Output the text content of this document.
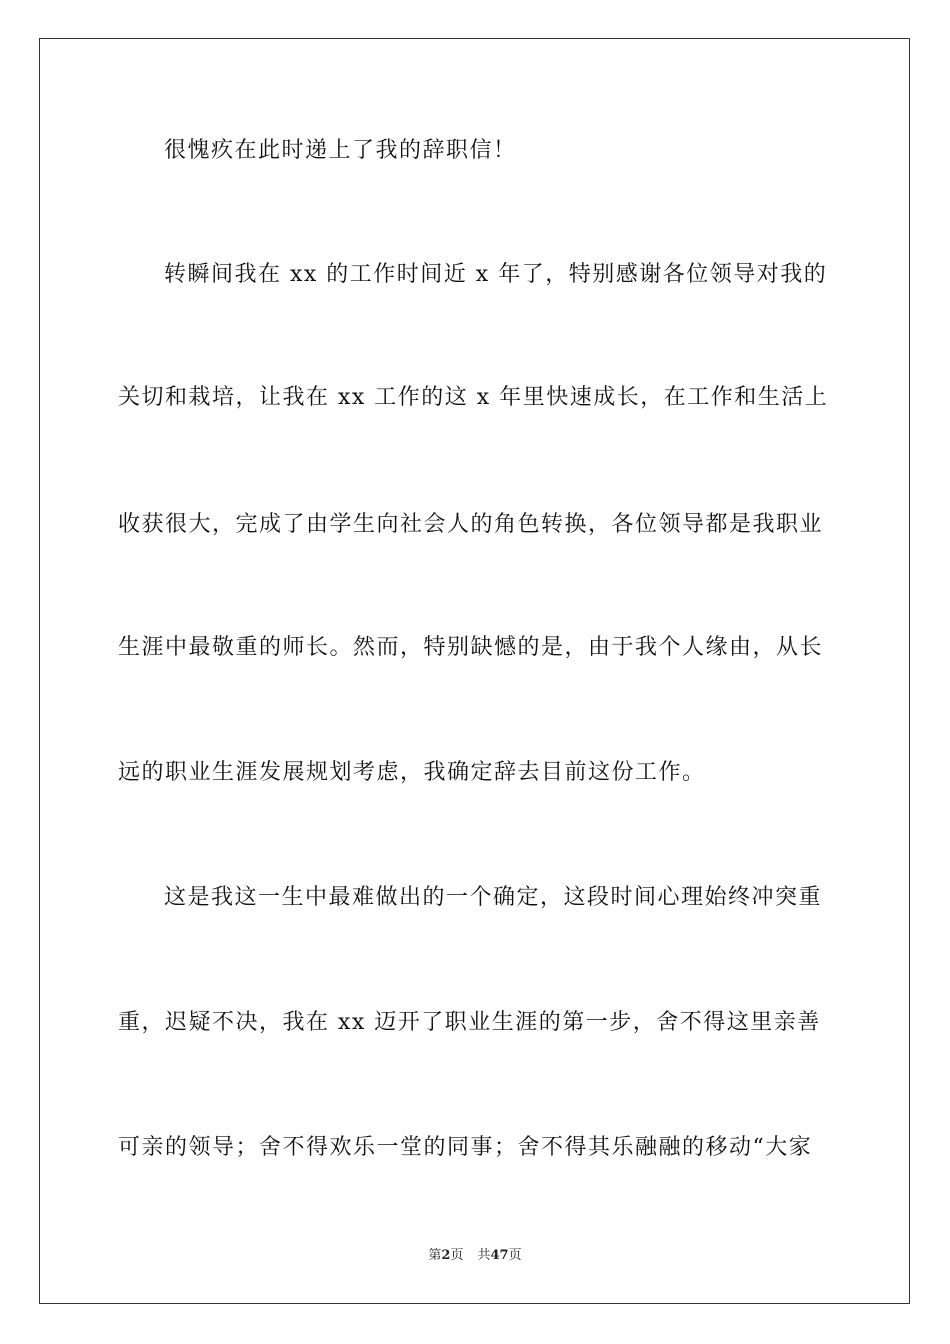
很愧疚在此时递上了我的辞职信！
转瞬间我在 xx 的工作时间近 x 年了，特别感谢各位领导对我的
关切和栽培，让我在 xx 工作的这 x 年里快速成长，在工作和生活上
收获很大，完成了由学生向社会人的角色转换，各位领导都是我职业
生涯中最敬重的师长。然而，特别缺憾的是，由于我个人缘由，从长
远的职业生涯发展规划考虑，我确定辞去目前这份工作。
这是我这一生中最难做出的一个确定，这段时间心理始终冲突重
重，迟疑不决，我在 xx 迈开了职业生涯的第一步，舍不得这里亲善
可亲的领导；舍不得欢乐一堂的同事；舍不得其乐融融的移动“大家
第2页 共47页
